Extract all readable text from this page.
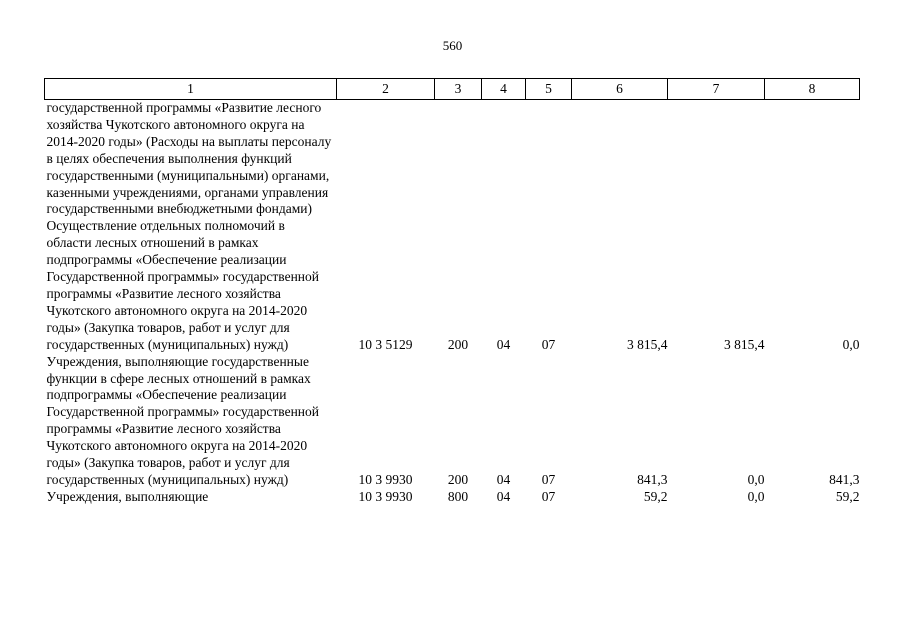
560
1	2	3	4	5	6	7	8

государственной программы «Развитие лесного хозяйства Чукотского автономного округа на 2014-2020 годы» (Расходы на выплаты персоналу в целях обеспечения выполнения функций государственными (муниципальными) органами, казенными учреждениями, органами управления государственными внебюджетными фондами)							

Осуществление отдельных полномочий в области лесных отношений в рамках подпрограммы «Обеспечение реализации Государственной программы» государственной программы «Развитие лесного хозяйства Чукотского автономного округа на 2014-2020 годы» (Закупка товаров, работ и услуг для государственных (муниципальных) нужд)	10 3 5129	200	04	07	3 815,4	3 815,4	0,0

Учреждения, выполняющие государственные функции в сфере лесных отношений в рамках подпрограммы «Обеспечение реализации Государственной программы» государственной программы «Развитие лесного хозяйства Чукотского автономного округа на 2014-2020 годы» (Закупка товаров, работ и услуг для государственных (муниципальных) нужд)	10 3 9930	200	04	07	841,3	0,0	841,3

Учреждения, выполняющие	10 3 9930	800	04	07	59,2	0,0	59,2
